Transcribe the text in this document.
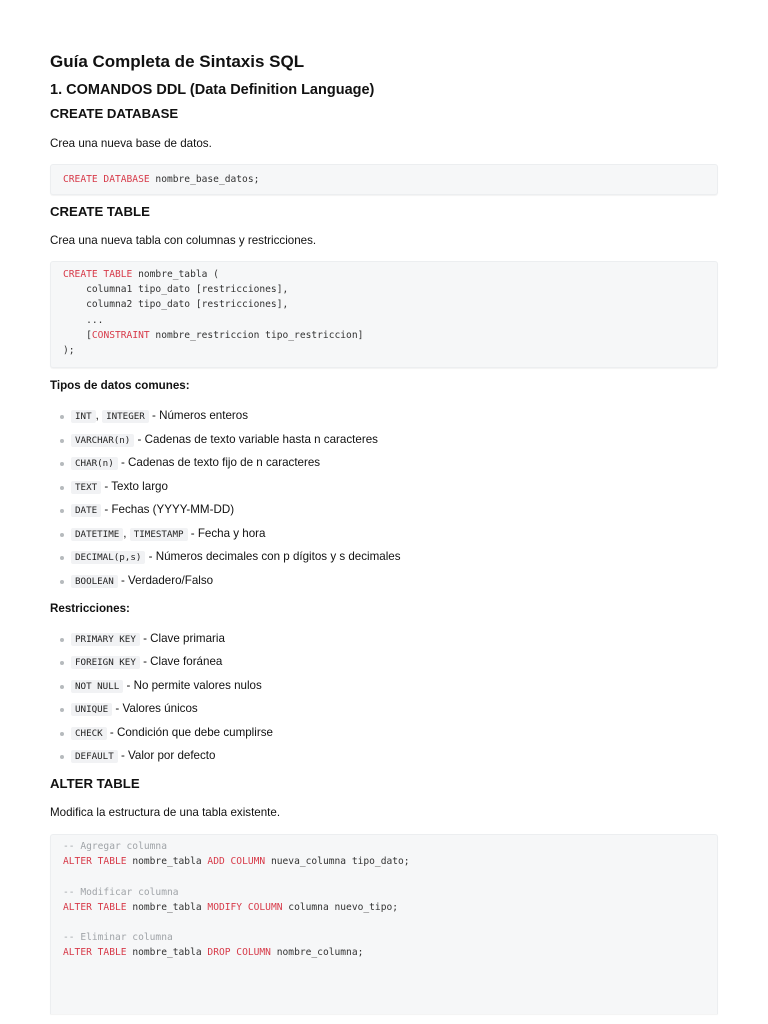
Guía Completa de Sintaxis SQL
1. COMANDOS DDL (Data Definition Language)
CREATE DATABASE

Crea una nueva base de datos.

CREATE DATABASE nombre_base_datos;
CREATE TABLE

Crea una nueva tabla con columnas y restricciones.

CREATE TABLE nombre_tabla (
columna1 tipo_dato [restricciones],
columna2 tipo_dato [restricciones],
...
[CONSTRAINT nombre_restriccion tipo_restriccion]
);
Tipos de datos comunes:
INT , INTEGER - Números enteros
VARCHAR(n) - Cadenas de texto variable hasta n caracteres
CHAR(n) - Cadenas de texto fijo de n caracteres
TEXT - Texto largo
DATE - Fechas (YYYY-MM-DD)
DATETIME , TIMESTAMP - Fecha y hora
DECIMAL(p,s) - Números decimales con p dígitos y s decimales
BOOLEAN - Verdadero/Falso
Restricciones:
PRIMARY KEY - Clave primaria
FOREIGN KEY - Clave foránea
NOT NULL - No permite valores nulos
UNIQUE - Valores únicos
CHECK - Condición que debe cumplirse
DEFAULT - Valor por defecto
ALTER TABLE

Modifica la estructura de una tabla existente.

-- Agregar columna
ALTER TABLE nombre_tabla ADD COLUMN nueva_columna tipo_dato;

-- Modificar columna
ALTER TABLE nombre_tabla MODIFY COLUMN columna nuevo_tipo;

-- Eliminar columna
ALTER TABLE nombre_tabla DROP COLUMN nombre_columna;
